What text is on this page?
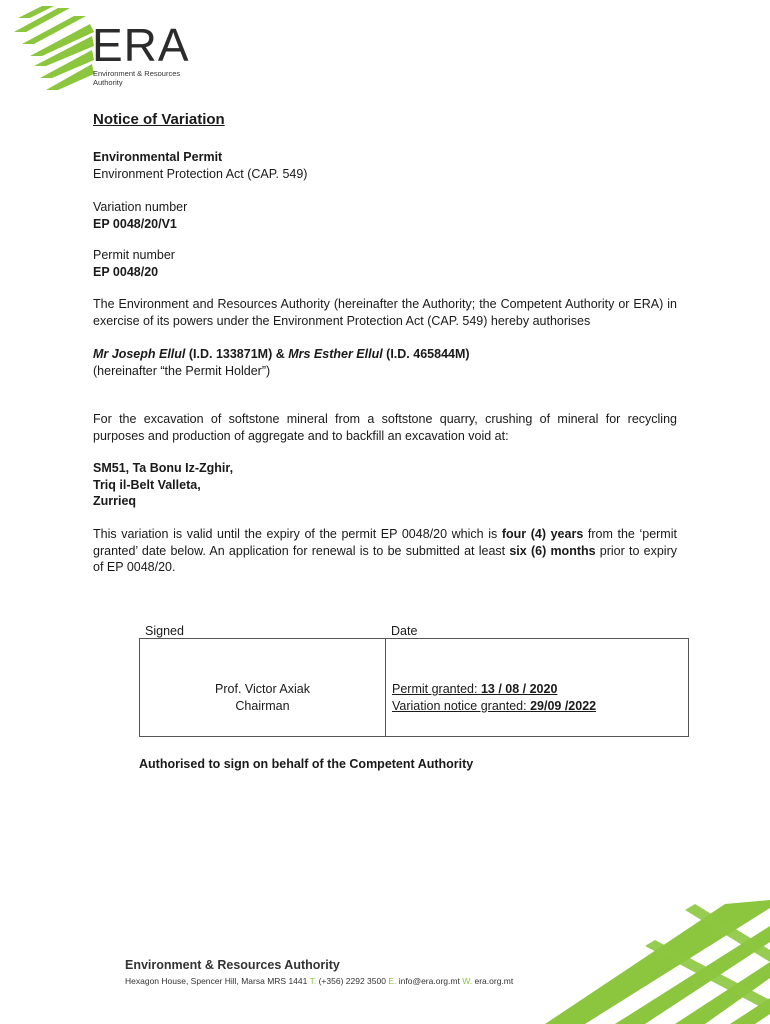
ERA
Environment & Resources
Authority
Notice of Variation
Environmental Permit
Environment Protection Act (CAP. 549)
Variation number
EP 0048/20/V1
Permit number
EP 0048/20
The Environment and Resources Authority (hereinafter the Authority; the Competent Authority or ERA) in exercise of its powers under the Environment Protection Act (CAP. 549) hereby authorises
Mr Joseph Ellul (I.D. 133871M) & Mrs Esther Ellul (I.D. 465844M)
(hereinafter “the Permit Holder”)
For the excavation of softstone mineral from a softstone quarry, crushing of mineral for recycling purposes and production of aggregate and to backfill an excavation void at:
SM51, Ta Bonu Iz-Zghir,
Triq il-Belt Valleta,
Zurrieq
This variation is valid until the expiry of the permit EP 0048/20 which is four (4) years from the ‘permit granted’ date below. An application for renewal is to be submitted at least six (6) months prior to expiry of EP 0048/20.
Signed	Date
Prof. Victor Axiak
Chairman
Permit granted: 13 / 08 / 2020
Variation notice granted: 29/09 /2022
Authorised to sign on behalf of the Competent Authority
Environment & Resources Authority
Hexagon House, Spencer Hill, Marsa MRS 1441 T. (+356) 2292 3500 E. info@era.org.mt W. era.org.mt
